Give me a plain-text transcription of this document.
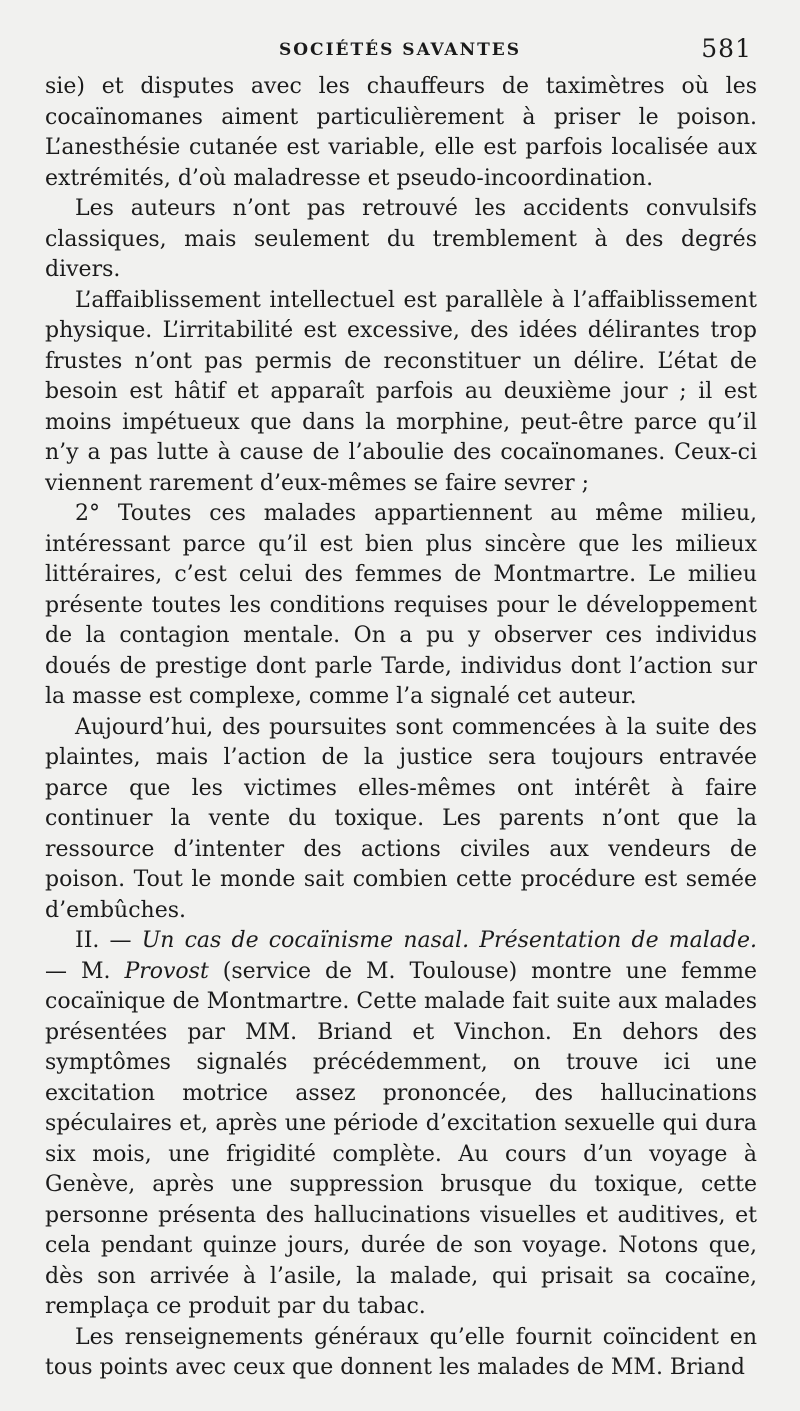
SOCIÉTÉS SAVANTES	581

sie) et disputes avec les chauffeurs de taximètres où les cocaïnomanes aiment particulièrement à priser le poison. L’anesthésie cutanée est variable, elle est parfois localisée aux extrémités, d’où maladresse et pseudo-incoordination.

Les auteurs n’ont pas retrouvé les accidents convulsifs classiques, mais seulement du tremblement à des degrés divers.

L’affaiblissement intellectuel est parallèle à l’affaiblissement physique. L’irritabilité est excessive, des idées délirantes trop frustes n’ont pas permis de reconstituer un délire. L’état de besoin est hâtif et apparaît parfois au deuxième jour ; il est moins impétueux que dans la morphine, peut-être parce qu’il n’y a pas lutte à cause de l’aboulie des cocaïnomanes. Ceux-ci viennent rarement d’eux-mêmes se faire sevrer ;

2° Toutes ces malades appartiennent au même milieu, intéressant parce qu’il est bien plus sincère que les milieux littéraires, c’est celui des femmes de Montmartre. Le milieu présente toutes les conditions requises pour le développement de la contagion mentale. On a pu y observer ces individus doués de prestige dont parle Tarde, individus dont l’action sur la masse est complexe, comme l’a signalé cet auteur.

Aujourd’hui, des poursuites sont commencées à la suite des plaintes, mais l’action de la justice sera toujours entravée parce que les victimes elles-mêmes ont intérêt à faire continuer la vente du toxique. Les parents n’ont que la ressource d’intenter des actions civiles aux vendeurs de poison. Tout le monde sait combien cette procédure est semée d’embûches.

II. — Un cas de cocaïnisme nasal. Présentation de malade. — M. Provost (service de M. Toulouse) montre une femme cocaïnique de Montmartre. Cette malade fait suite aux malades présentées par MM. Briand et Vinchon. En dehors des symptômes signalés précédemment, on trouve ici une excitation motrice assez prononcée, des hallucinations spéculaires et, après une période d’excitation sexuelle qui dura six mois, une frigidité complète. Au cours d’un voyage à Genève, après une suppression brusque du toxique, cette personne présenta des hallucinations visuelles et auditives, et cela pendant quinze jours, durée de son voyage. Notons que, dès son arrivée à l’asile, la malade, qui prisait sa cocaïne, remplaça ce produit par du tabac.

Les renseignements généraux qu’elle fournit coïncident en tous points avec ceux que donnent les malades de MM. Briand
